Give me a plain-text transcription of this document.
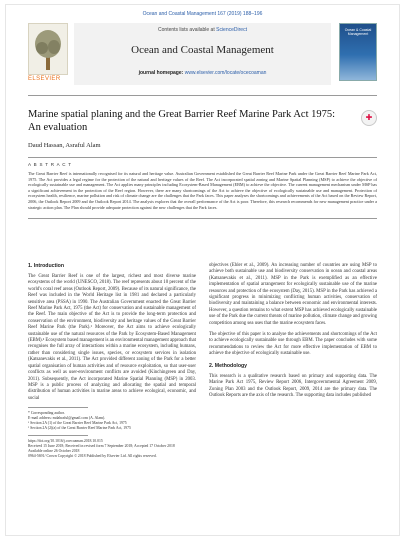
Ocean and Coastal Management 167 (2019) 188–196
ELSEVIER
Contents lists available at ScienceDirect
Ocean and Coastal Management
journal homepage: www.elsevier.com/locate/ocecoaman
Ocean & Coastal Management
Marine spatial planing and the Great Barrier Reef Marine Park Act 1975: An evaluation
Daud Hassan, Asraful Alam
✚
A B S T R A C T
The Great Barrier Reef is internationally recognised for its natural and heritage value. Australian Government established the Great Barrier Reef Marine Park under the Great Barrier Reef Marine Park Act, 1975. The Act provides a legal regime for the protection of the natural and heritage values of the Reef. The Act incorporated spatial zoning and Marine Spatial Planning (MSP) to achieve the objective of ecologically sustainable use and management. The Act applies many principles including Ecosystem-Based Management (EBM) to achieve the objective. The current management mechanism under MSP has a significant achievement in the protection of the Reef region. However, there are many shortcomings of the Act to achieve the objective of ecologically sustainable use and management. Protection of ecosystem health, resilience, marine pollution and risk of climate change are the challenges that the Park faces. This paper analyses the shortcomings and achievements of the Act based on the Review Report, 2006, the Outlook Report 2009 and the Outlook Report 2014. The analysis explores that the overall performance of the Act is poor. Therefore, this research recommends for new management practice under a strategic action plan. The Plan should provide adequate protection against the new challenges that the Park faces.
1. Introduction
The Great Barrier Reef is one of the largest, richest and most diverse marine ecosystems of the world (UNESCO, 2018). The reef represents about 10 percent of the world's coral reef areas (Outlook Report, 2009). Because of its natural significance, the Reef was included in the World Heritage list in 1981 and declared a particularly sensitive area (PSSA) in 1990. The Australian Government enacted the Great Barrier Reef Marine Park Act, 1975 (the Act) for conservation and sustainable management of the Reef. The main objective of the Act is to provide the long-term protection and conservation of the environment, biodiversity and heritage values of the Great Barrier Reef Marine Park (the Park).¹ Moreover, the Act aims to achieve ecologically sustainable use of the natural resources of the Park by Ecosystem-Based Management (EBM).² Ecosystem based management is an environmental management approach that recognises the full array of interactions within a marine ecosystem, including humans, rather than considering single issues, species, or ecosystem services in isolation (Katsanevakis et al., 2011). The Act provided different zoning of the Park for a better spatial organisation of human activities and of resource exploitation, so that user-user conflicts as well as user-environment conflicts are avoided (Kinchingreen and Day, 2011). Subsequently, the Act incorporated Marine Spatial Planning (MSP) in 2003. MSP is a public process of analyzing and allocating the spatial and temporal distribution of human activities in marine areas to achieve ecological, economic, and social
* Corresponding author.
E-mail address: mdahraful@gmail.com (A. Alam).
¹ Section 2A (1) of the Great Barrier Reef Marine Park Act, 1975
² Section 2A (2)(a) of the Great Barrier Reef Marine Park Act, 1975
https://doi.org/10.1016/j.ocecoaman.2018.10.015
Received 15 June 2018; Received in revised form 7 September 2018; Accepted 17 October 2018
Available online 26 October 2018
0964-5691/ Crown Copyright © 2018 Published by Elsevier Ltd. All rights reserved.
objectives (Ehler et al., 2009). An increasing number of countries are using MSP to achieve both sustainable use and biodiversity conservation in ocean and coastal areas (Katsanevakis et al., 2011). MSP in the Park is exemplified as an effective implementation of spatial arrangement for ecologically sustainable use of the marine resources and protection of the ecosystem (Day, 2015). MSP in the Park has achieved a significant progress in minimizing conflicting human activities, conservation of biodiversity and maintaining a balance between economic and environmental interests. However, a question remains to what extent MSP has achieved ecologically sustainable use of the Park due the current threats of marine pollution, climate change and growing competition among sea uses that the marine ecosystem faces.
The objective of this paper is to analyse the achievements and shortcomings of the Act to achieve ecologically sustainable use through EBM. The paper concludes with some recommendations to review the Act for more effective implementation of EBM to achieve the objective of ecologically sustainable use.
2. Methodology
This research is a qualitative research based on primary and supporting data. The Marine Park Act 1975, Review Report 2006, Intergovernmental Agreement 2009, Zoning Plan 2003 and the Outlook Report, 2009, 2014 are the primary data. The Outlook Reports are the axis of the research. The supporting data includes published
